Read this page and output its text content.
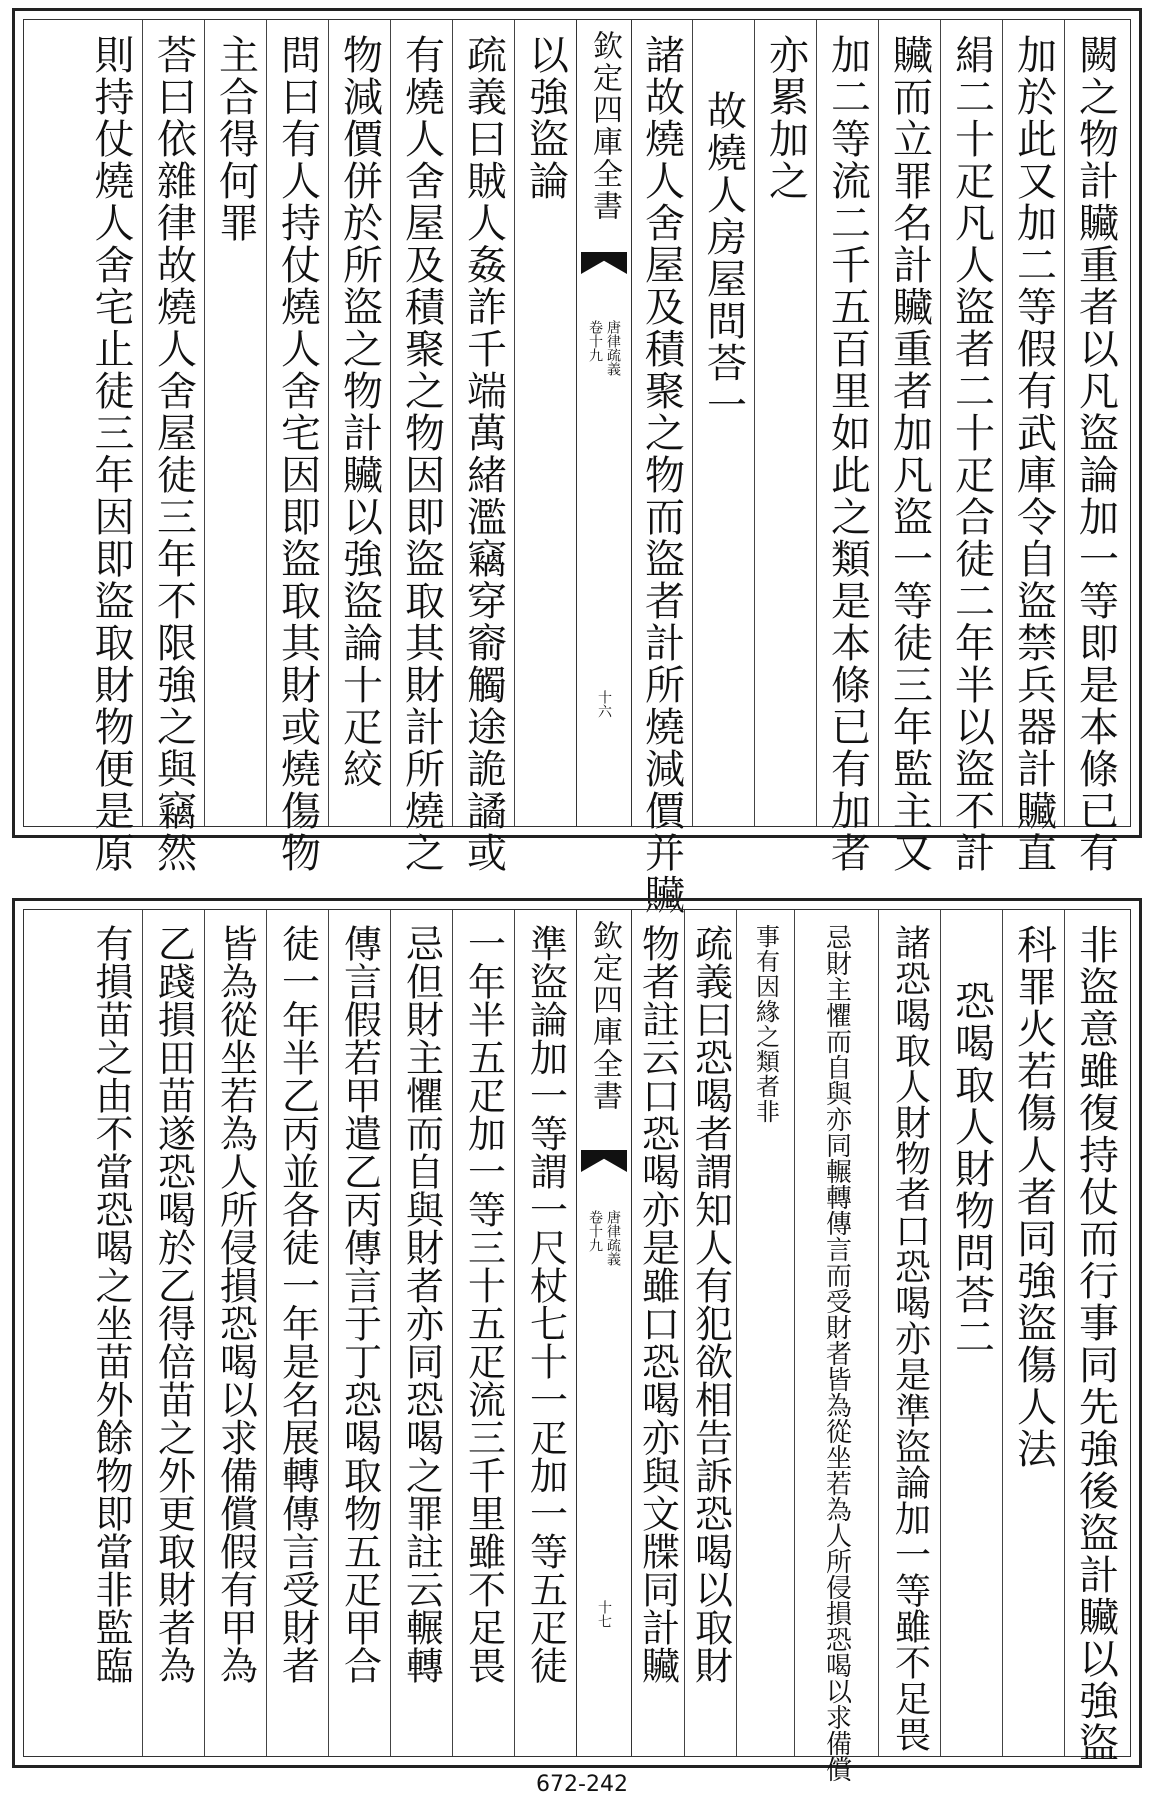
闕之物計贜重者以凡盜論加一等即是本條已有
加於此又加二等假有武庫令自盜禁兵器計贜直
絹二十疋凡人盜者二十疋合徒二年半以盜不計
贜而立罪名計贜重者加凡盜一等徒三年監主又
加二等流二千五百里如此之類是本條已有加者
亦累加之
故燒人房屋問荅一
諸故燒人舍屋及積聚之物而盜者計所燒減價并贜
欽定四庫全書
卷十九 唐律疏義
十六
以強盜論
疏義曰賊人姦詐千端萬緒濫竊穿窬觸途詭譎或
有燒人舍屋及積聚之物因即盜取其財計所燒之
物減價併於所盜之物計贜以強盜論十疋絞
問曰有人持仗燒人舍宅因即盜取其財或燒傷物
主合得何罪
荅曰依雜律故燒人舍屋徒三年不限強之與竊然
則持仗燒人舍宅止徒三年因即盜取財物便是原
非盜意雖復持仗而行事同先強後盜計贜以強盜
科罪火若傷人者同強盜傷人法
恐喝取人財物問荅二
諸恐喝取人財物者口恐喝亦是準盜論加一等雖不足畏
忌財主懼而自與亦同輾轉傳言而受財者皆為從坐若為人所侵損恐喝以求備償
事有因緣之類者非
疏義曰恐喝者謂知人有犯欲相告訴恐喝以取財
物者註云口恐喝亦是雖口恐喝亦與文牒同計贜
欽定四庫全書
卷十九 唐律疏義
十七
準盜論加一等謂一尺杖七十一疋加一等五疋徒
一年半五疋加一等三十五疋流三千里雖不足畏
忌但財主懼而自與財者亦同恐喝之罪註云輾轉
傳言假若甲遣乙丙傳言于丁恐喝取物五疋甲合
徒一年半乙丙並各徒一年是名展轉傳言受財者
皆為從坐若為人所侵損恐喝以求備償假有甲為
乙踐損田苗遂恐喝於乙得倍苗之外更取財者為
有損苗之由不當恐喝之坐苗外餘物即當非監臨
672-242
